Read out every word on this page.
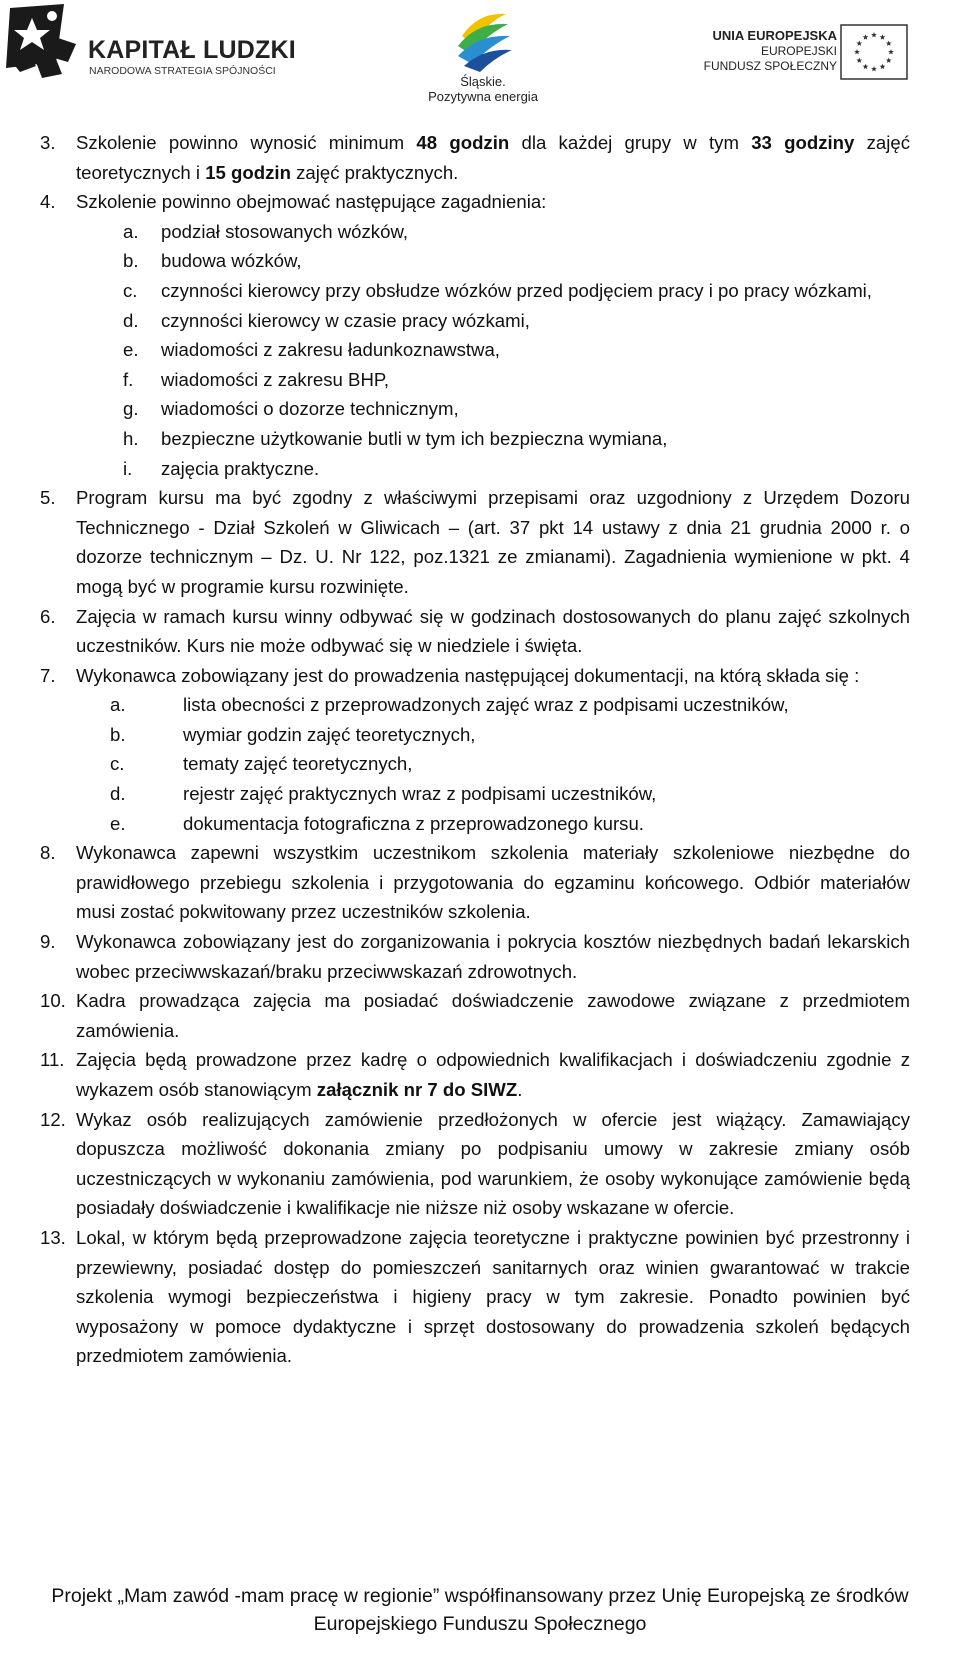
KAPITAŁ LUDZKI
NARODOWA STRATEGIA SPÓJNOŚCI
Śląskie.
Pozytywna energia
UNIA EUROPEJSKA
EUROPEJSKI
FUNDUSZ SPOŁECZNY
3.	Szkolenie powinno wynosić minimum 48 godzin dla każdej grupy w tym 33 godziny zajęć teoretycznych i 15 godzin zajęć praktycznych.
4.	Szkolenie powinno obejmować następujące zagadnienia:
a.	podział stosowanych wózków,
b.	budowa wózków,
c.	czynności kierowcy przy obsłudze wózków przed podjęciem pracy i po pracy wózkami,
d.	czynności kierowcy w czasie pracy wózkami,
e.	wiadomości z zakresu ładunkoznawstwa,
f.	wiadomości z zakresu BHP,
g.	wiadomości o dozorze technicznym,
h.	bezpieczne użytkowanie butli w tym ich bezpieczna wymiana,
i.	zajęcia praktyczne.
5.	Program kursu ma być zgodny z właściwymi przepisami oraz uzgodniony z Urzędem Dozoru Technicznego - Dział Szkoleń w Gliwicach – (art. 37 pkt 14 ustawy z dnia 21 grudnia 2000 r. o dozorze technicznym – Dz. U. Nr 122, poz.1321 ze zmianami). Zagadnienia wymienione w pkt. 4 mogą być w programie kursu rozwinięte.
6.	Zajęcia w ramach kursu winny odbywać się w godzinach dostosowanych do planu zajęć szkolnych uczestników. Kurs nie może odbywać się w niedziele i święta.
7.	Wykonawca zobowiązany jest do prowadzenia następującej dokumentacji, na którą składa się :
a.	lista obecności z przeprowadzonych zajęć wraz z podpisami uczestników,
b.	wymiar godzin zajęć teoretycznych,
c.	tematy zajęć teoretycznych,
d.	rejestr zajęć praktycznych wraz z podpisami uczestników,
e.	dokumentacja fotograficzna z przeprowadzonego kursu.
8.	Wykonawca zapewni wszystkim uczestnikom szkolenia materiały szkoleniowe niezbędne do prawidłowego przebiegu szkolenia i przygotowania do egzaminu końcowego. Odbiór materiałów musi zostać pokwitowany przez uczestników szkolenia.
9.	Wykonawca zobowiązany jest do zorganizowania i pokrycia kosztów niezbędnych badań lekarskich wobec przeciwwskazań/braku przeciwwskazań zdrowotnych.
10. Kadra prowadząca zajęcia ma posiadać doświadczenie zawodowe związane z przedmiotem zamówienia.
11. Zajęcia będą prowadzone przez kadrę o odpowiednich kwalifikacjach i doświadczeniu zgodnie z wykazem osób stanowiącym załącznik nr 7 do SIWZ.
12. Wykaz osób realizujących zamówienie przedłożonych w ofercie jest wiążący. Zamawiający dopuszcza możliwość dokonania zmiany po podpisaniu umowy w zakresie zmiany osób uczestniczących w wykonaniu zamówienia, pod warunkiem, że osoby wykonujące zamówienie będą posiadały doświadczenie i kwalifikacje nie niższe niż osoby wskazane w ofercie.
13. Lokal, w którym będą przeprowadzone zajęcia teoretyczne i praktyczne powinien być przestronny i przewiewny, posiadać dostęp do pomieszczeń sanitarnych oraz winien gwarantować w trakcie szkolenia wymogi bezpieczeństwa i higieny pracy w tym zakresie. Ponadto powinien być wyposażony w pomoce dydaktyczne i sprzęt dostosowany do prowadzenia szkoleń będących przedmiotem zamówienia.
Projekt „Mam zawód -mam pracę w regionie” współfinansowany przez Unię Europejską ze środków
Europejskiego Funduszu Społecznego
